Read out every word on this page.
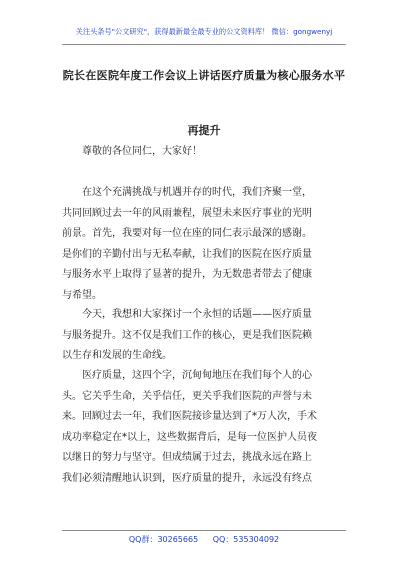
关注头条号"公文研究"，获得最新最全最专业的公文资料库！ 微信：gongwenyj
院长在医院年度工作会议上讲话医疗质量为核心服务水平
再提升
尊敬的各位同仁，大家好！
在这个充满挑战与机遇并存的时代，我们齐聚一堂，
共同回顾过去一年的风雨兼程，展望未来医疗事业的光明
前景。首先，我要对每一位在座的同仁表示最深的感谢。
是你们的辛勤付出与无私奉献，让我们的医院在医疗质量
与服务水平上取得了显著的提升，为无数患者带去了健康
与希望。
今天，我想和大家探讨一个永恒的话题——医疗质量
与服务提升。这不仅是我们工作的核心，更是我们医院赖
以生存和发展的生命线。
医疗质量，这四个字，沉甸甸地压在我们每个人的心
头。它关乎生命，关乎信任，更关乎我们医院的声誉与未
来。回顾过去一年，我们医院接诊量达到了*万人次，手术
成功率稳定在*以上，这些数据背后，是每一位医护人员夜
以继日的努力与坚守。但成绩属于过去，挑战永远在路上
我们必须清醒地认识到，医疗质量的提升，永远没有终点
QQ群：30265665 QQ：535304092
